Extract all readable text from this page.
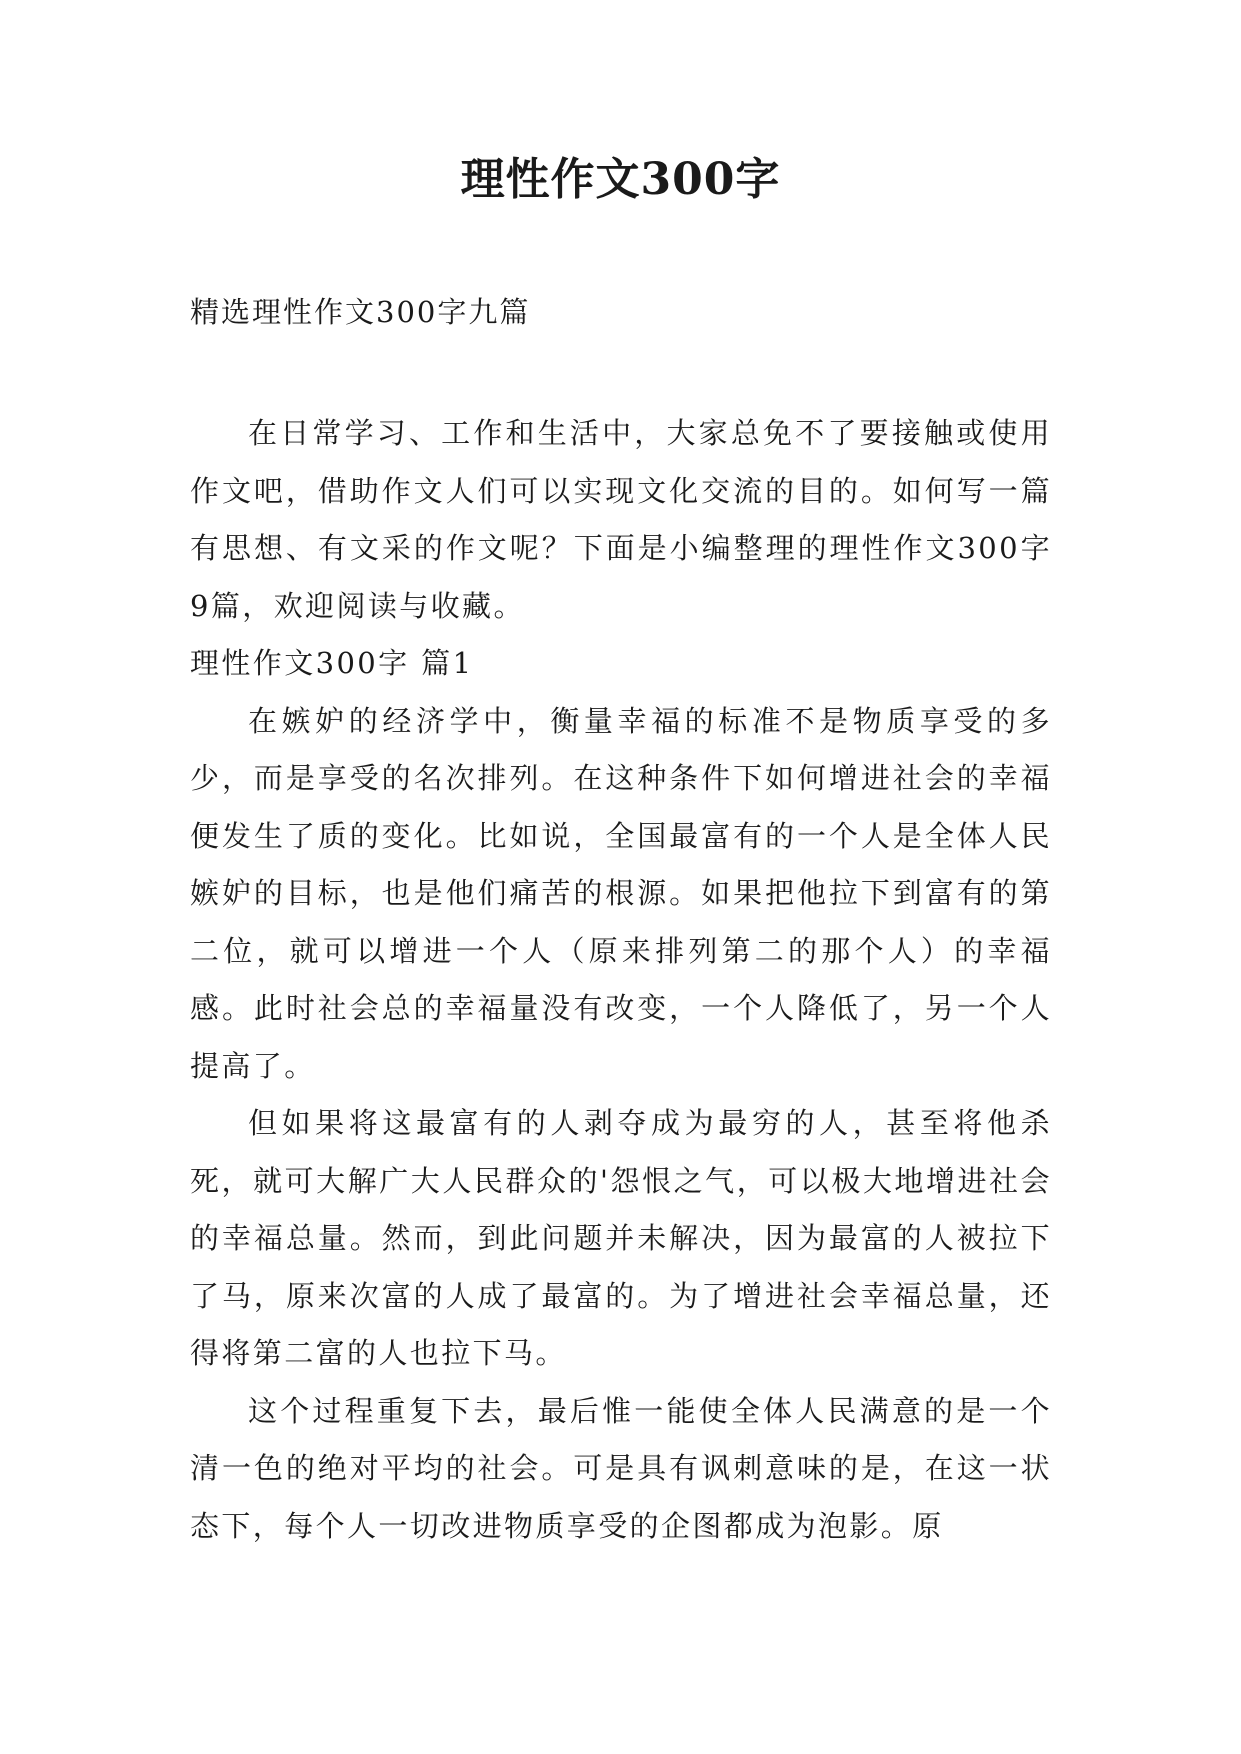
理性作文300字
精选理性作文300字九篇

在日常学习、工作和生活中，大家总免不了要接触或使用作文吧，借助作文人们可以实现文化交流的目的。如何写一篇有思想、有文采的作文呢？下面是小编整理的理性作文300字9篇，欢迎阅读与收藏。

理性作文300字 篇1

在嫉妒的经济学中，衡量幸福的标准不是物质享受的多少，而是享受的名次排列。在这种条件下如何增进社会的幸福便发生了质的变化。比如说，全国最富有的一个人是全体人民嫉妒的目标，也是他们痛苦的根源。如果把他拉下到富有的第二位，就可以增进一个人（原来排列第二的那个人）的幸福感。此时社会总的幸福量没有改变，一个人降低了，另一个人提高了。

但如果将这最富有的人剥夺成为最穷的人，甚至将他杀死，就可大解广大人民群众的'怨恨之气，可以极大地增进社会的幸福总量。然而，到此问题并未解决，因为最富的人被拉下了马，原来次富的人成了最富的。为了增进社会幸福总量，还得将第二富的人也拉下马。

这个过程重复下去，最后惟一能使全体人民满意的是一个清一色的绝对平均的社会。可是具有讽刺意味的是，在这一状态下，每个人一切改进物质享受的企图都成为泡影。原
